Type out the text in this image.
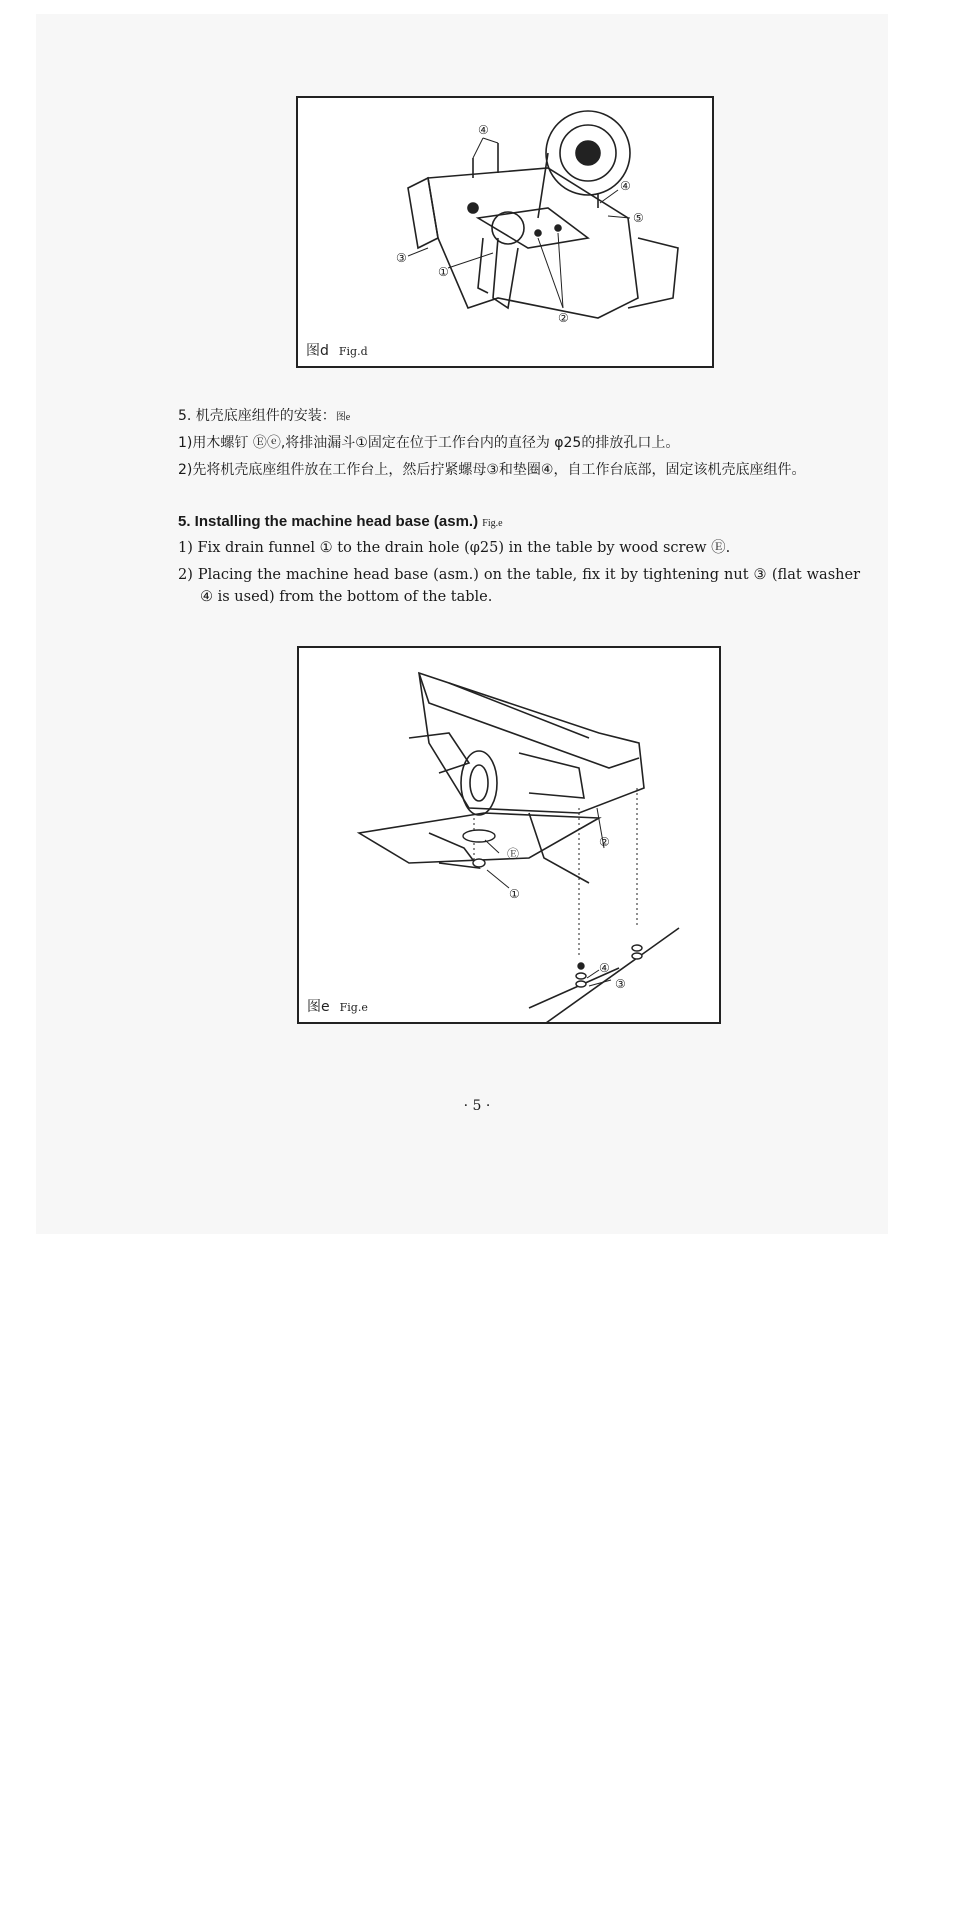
④
④
⑤
③
①
②
图d Fig.d
5. 机壳底座组件的安装：图e
1)用木螺钉 Ⓔⓔ,将排油漏斗①固定在位于工作台内的直径为 φ25的排放孔口上。
2)先将机壳底座组件放在工作台上，然后拧紧螺母③和垫圈④，自工作台底部，固定该机壳底座组件。
5. Installing the machine head base (asm.) Fig.e
1) Fix drain funnel ① to the drain hole (φ25) in the table by wood screw Ⓔ.
2) Placing the machine head base (asm.) on the table, fix it by tightening nut ③ (flat washer ④ is used) from the bottom of the table.
Ⓔ
②
①
④
③
图e Fig.e
· 5 ·
